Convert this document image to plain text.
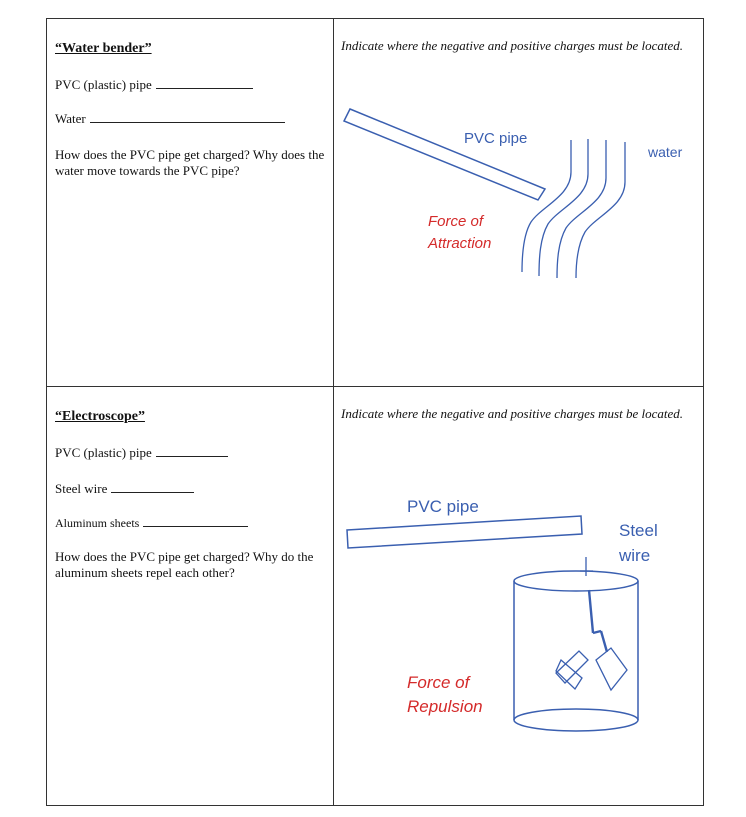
“Water bender”
PVC (plastic) pipe
Water
How does the PVC pipe get charged? Why does the water move towards the PVC pipe?
Indicate where the negative and positive charges must be located.
“Electroscope”
PVC (plastic) pipe
Steel wire
Aluminum sheets
How does the PVC pipe get charged? Why do the aluminum sheets repel each other?
Indicate where the negative and positive charges must be located.
PVC pipe
water
Force of
Attraction
PVC pipe
Steel
wire
Force of
Repulsion
